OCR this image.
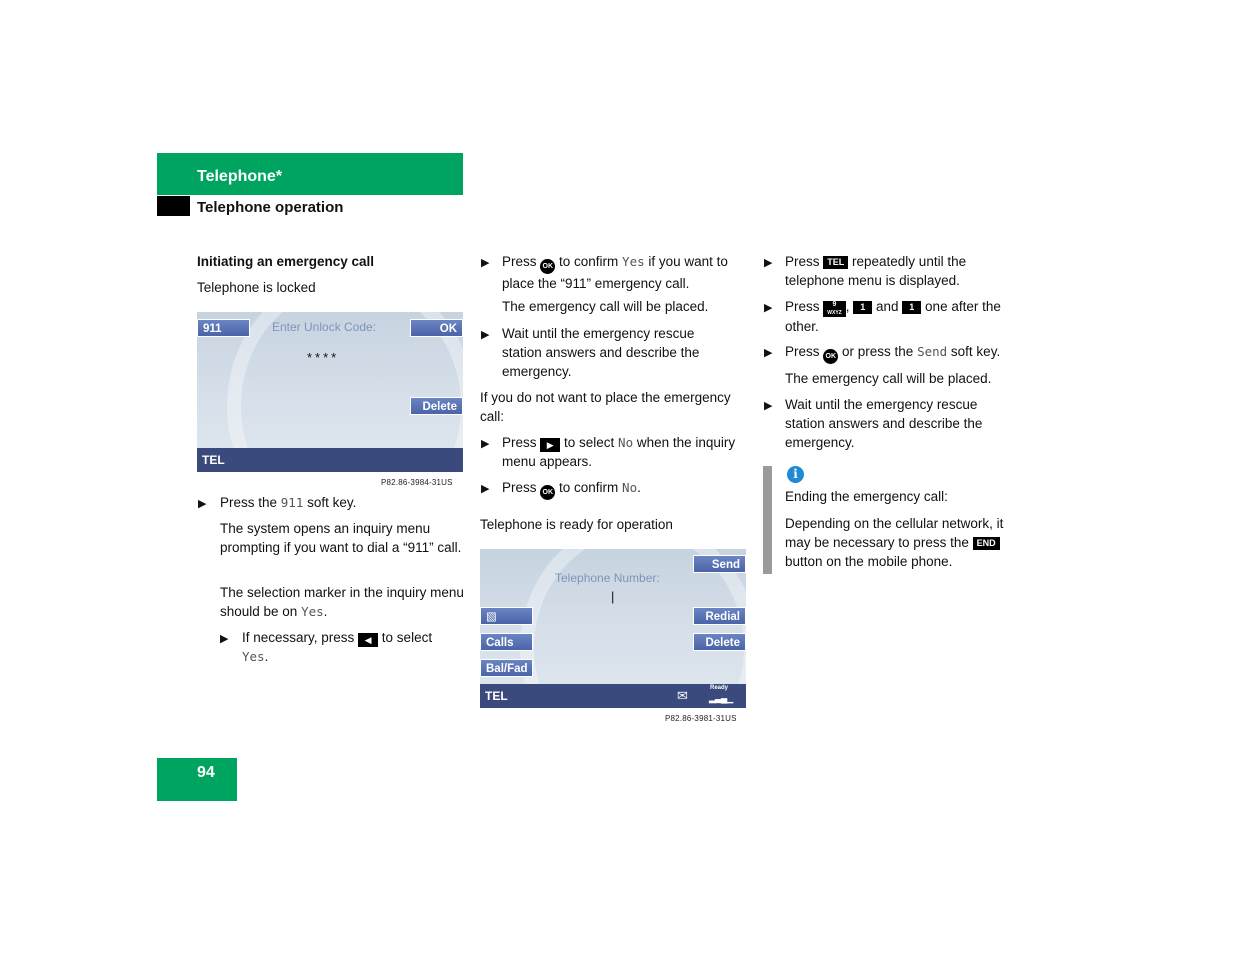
Telephone*
Telephone operation
Initiating an emergency call
Telephone is locked
911	Enter Unlock Code:	OK
****
Delete
TEL
P82.86-3984-31US
▶ Press the 911 soft key.
The system opens an inquiry menu prompting if you want to dial a “911” call.
The selection marker in the inquiry menu should be on Yes.
▶ If necessary, press ◀ to select
Yes.
▶ Press OK to confirm Yes if you want to place the “911” emergency call.
The emergency call will be placed.
▶ Wait until the emergency rescue station answers and describe the emergency.
If you do not want to place the emergency call:
▶ Press ▶ to select No when the inquiry menu appears.
▶ Press OK to confirm No.
Telephone is ready for operation
Send
Telephone Number:
|
▧	Redial
Calls	Delete
Bal/Fad
TEL	✉	Ready
▂▃▄▁
P82.86-3981-31US
▶ Press TEL repeatedly until the telephone menu is displayed.
▶ Press 9
WXYZ , 1 and 1 one after the other.
▶ Press OK or press the Send soft key.
The emergency call will be placed.
▶ Wait until the emergency rescue station answers and describe the emergency.
i
Ending the emergency call:
Depending on the cellular network, it may be necessary to press the END button on the mobile phone.
94
